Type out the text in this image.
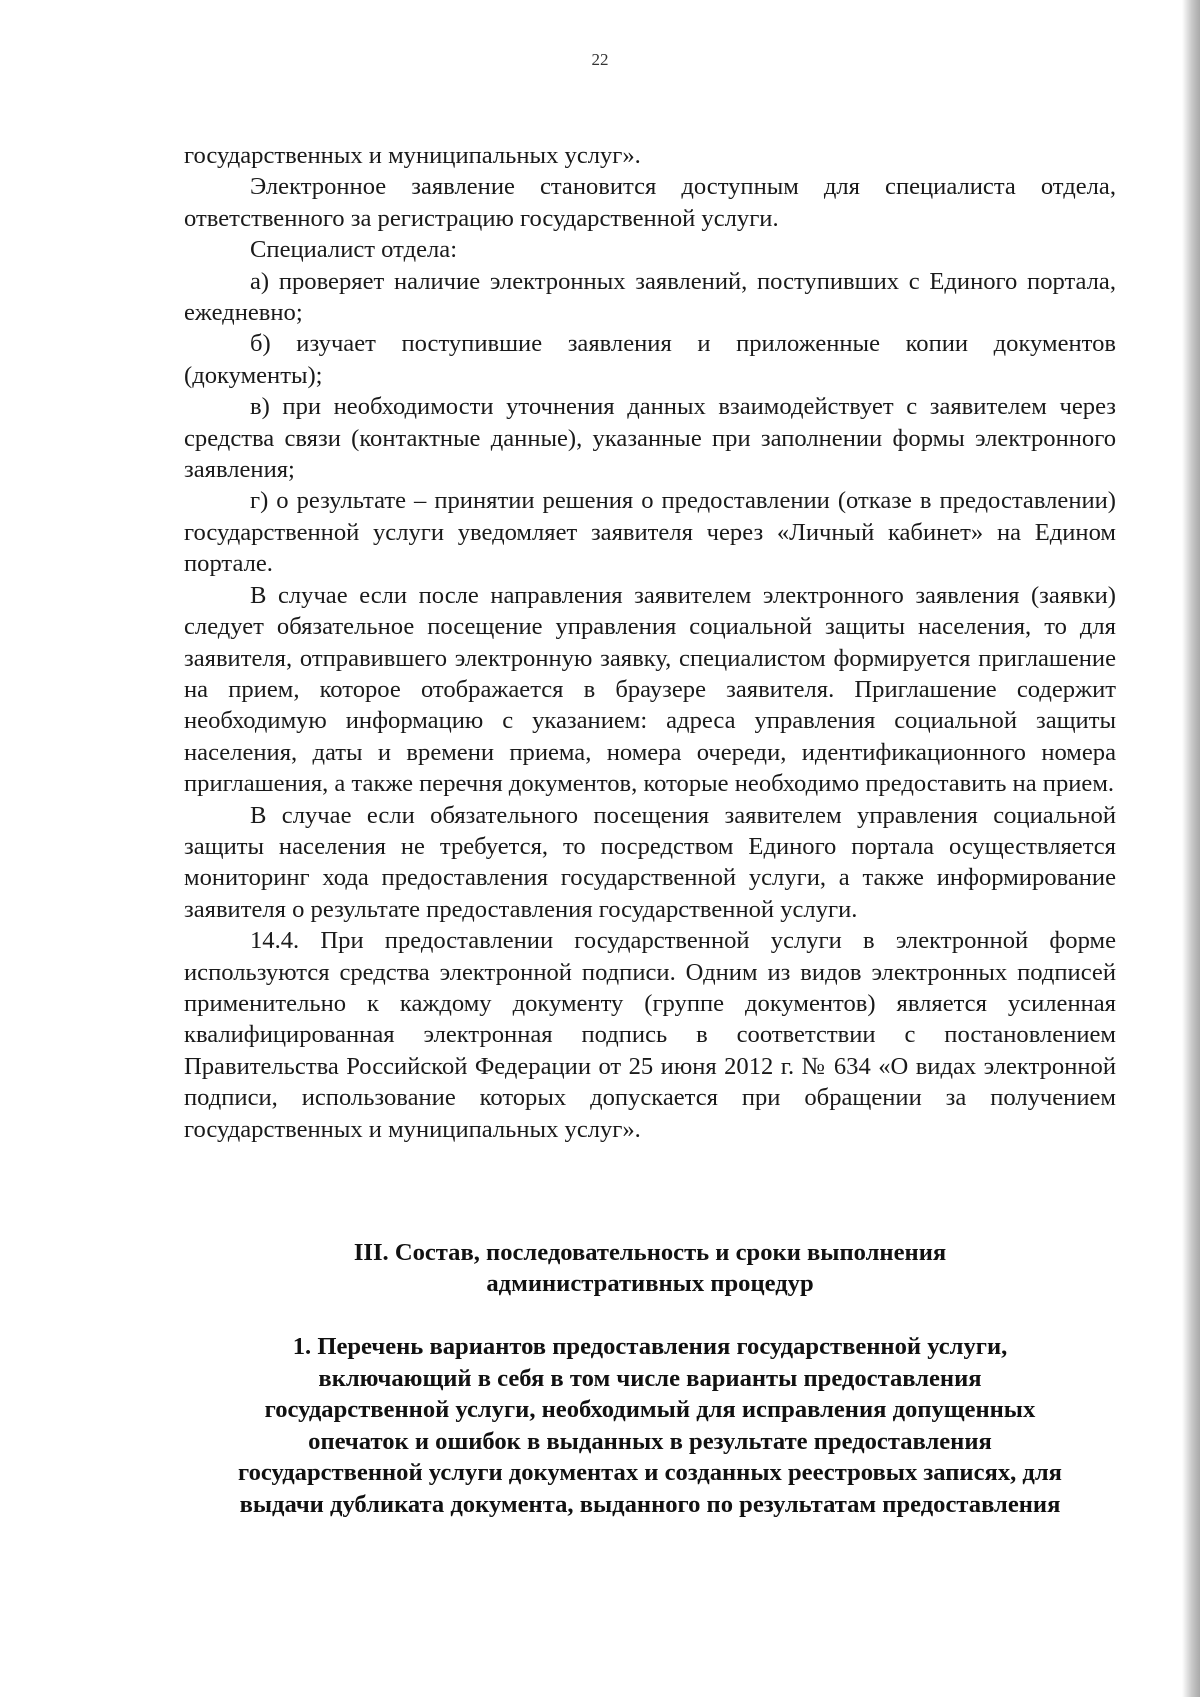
22

государственных и муниципальных услуг».

Электронное заявление становится доступным для специалиста отдела, ответственного за регистрацию государственной услуги.

Специалист отдела:

а) проверяет наличие электронных заявлений, поступивших с Единого портала, ежедневно;

б) изучает поступившие заявления и приложенные копии документов (документы);

в) при необходимости уточнения данных взаимодействует с заявителем через средства связи (контактные данные), указанные при заполнении формы электронного заявления;

г) о результате – принятии решения о предоставлении (отказе в предоставлении) государственной услуги уведомляет заявителя через «Личный кабинет» на Едином портале.

В случае если после направления заявителем электронного заявления (заявки) следует обязательное посещение управления социальной защиты населения, то для заявителя, отправившего электронную заявку, специалистом формируется приглашение на прием, которое отображается в браузере заявителя. Приглашение содержит необходимую информацию с указанием: адреса управления социальной защиты населения, даты и времени приема, номера очереди, идентификационного номера приглашения, а также перечня документов, которые необходимо предоставить на прием.

В случае если обязательного посещения заявителем управления социальной защиты населения не требуется, то посредством Единого портала осуществляется мониторинг хода предоставления государственной услуги, а также информирование заявителя о результате предоставления государственной услуги.

14.4. При предоставлении государственной услуги в электронной форме используются средства электронной подписи. Одним из видов электронных подписей применительно к каждому документу (группе документов) является усиленная квалифицированная электронная подпись в соответствии с постановлением Правительства Российской Федерации от 25 июня 2012 г. № 634 «О видах электронной подписи, использование которых допускается при обращении за получением государственных и муниципальных услуг».

III. Состав, последовательность и сроки выполнения
административных процедур
1. Перечень вариантов предоставления государственной услуги,
включающий в себя в том числе варианты предоставления
государственной услуги, необходимый для исправления допущенных
опечаток и ошибок в выданных в результате предоставления
государственной услуги документах и созданных реестровых записях, для
выдачи дубликата документа, выданного по результатам предоставления
